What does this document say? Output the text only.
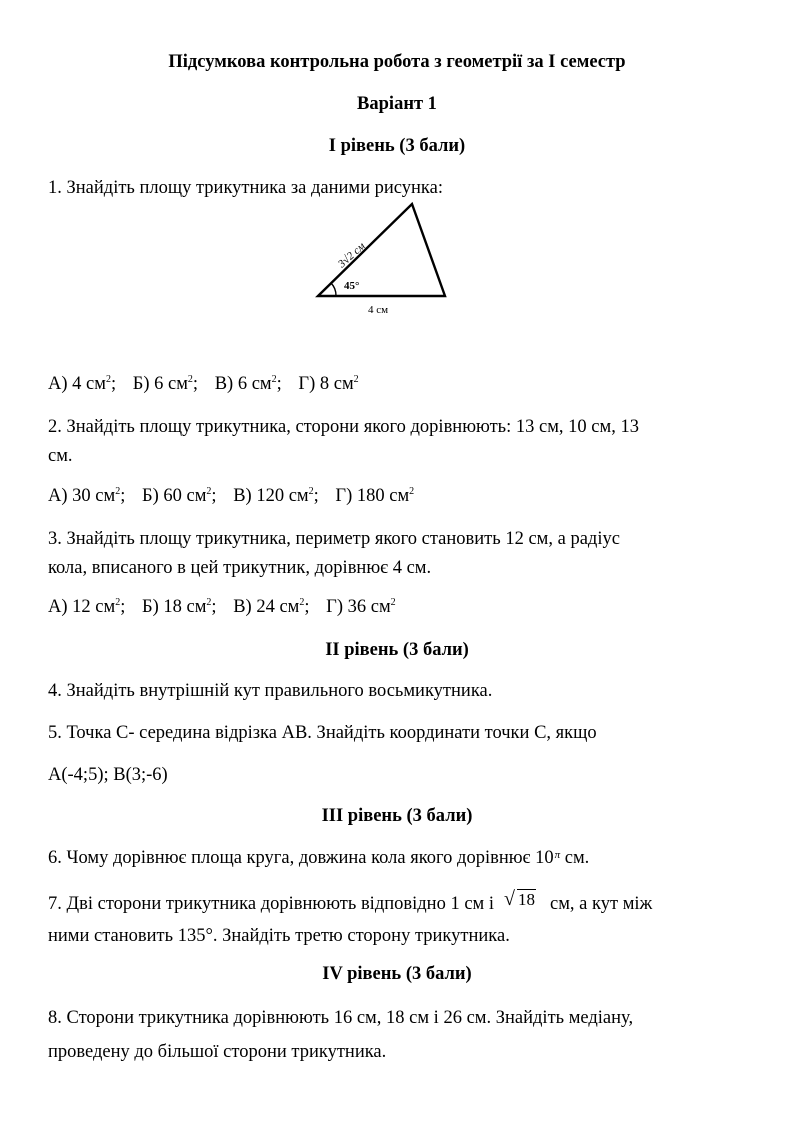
Підсумкова контрольна робота з геометрії за І семестр
Варіант 1
І рівень (3 бали)
1. Знайдіть площу трикутника за даними рисунка:
3√2 см
45°
4 см
А) 4 $см^2$; Б) 6 $см^2$; В) 6 $см^2$; Г) 8 $см^2$
2. Знайдіть площу трикутника, сторони якого дорівнюють: 13 см, 10 см, 13
см.
А) 30 $см^2$; Б) 60 $см^2$; В) 120 $см^2$; Г) 180 $см^2$
3. Знайдіть площу трикутника, периметр якого становить 12 см, а радіус
кола, вписаного в цей трикутник, дорівнює 4 см.
А) 12 $см^2$; Б) 18 $см^2$; В) 24 $см^2$; Г) 36 $см^2$
ІІ рівень (3 бали)
4. Знайдіть внутрішній кут правильного восьмикутника.
5. Точка С- середина відрізка АВ. Знайдіть координати точки С, якщо
А(-4;5); В(3;-6)
ІІІ рівень (3 бали)
6. Чому дорівнює площа круга, довжина кола якого дорівнює $10^\pi$ см.
7. Дві сторони трикутника дорівнюють відповідно 1 см і √ 18 см, а кут між
ними становить 135°. Знайдіть третю сторону трикутника.
IV рівень (3 бали)
8. Сторони трикутника дорівнюють 16 см, 18 см і 26 см. Знайдіть медіану,
проведену до більшої сторони трикутника.
